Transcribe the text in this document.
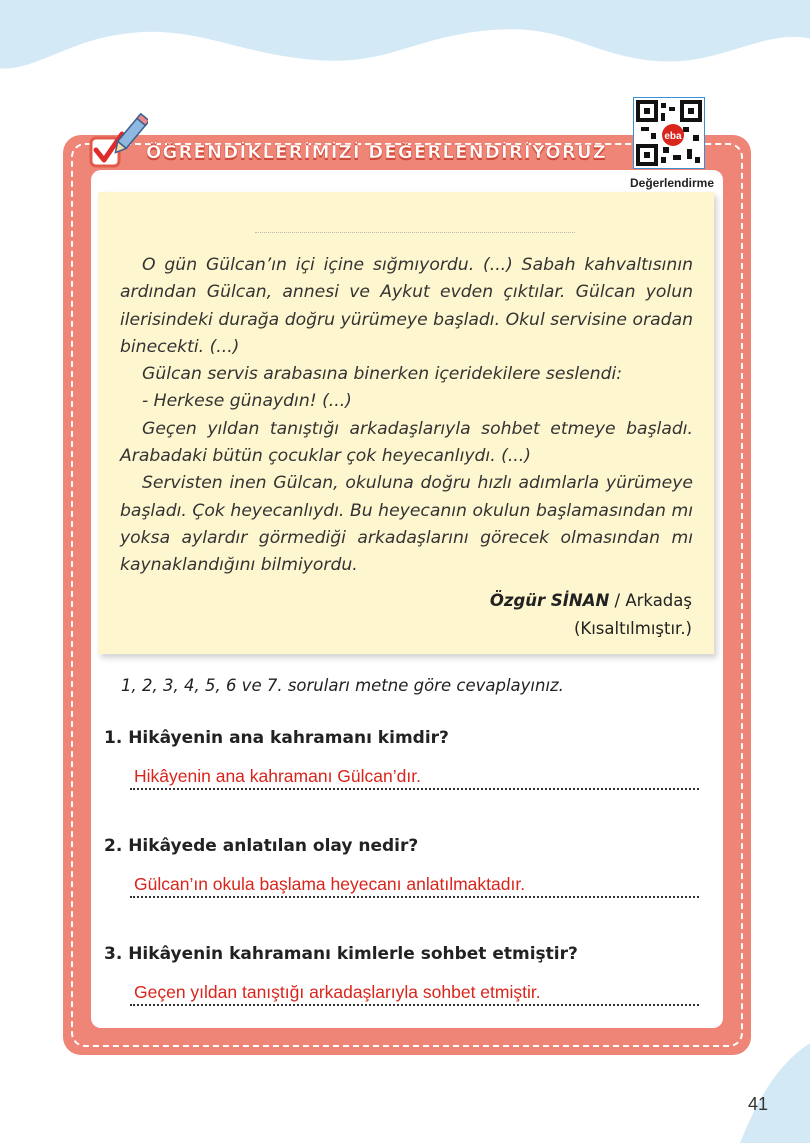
ÖĞRENDİKLERİMİZİ DEĞERLENDİRİYORUZ
eba
Değerlendirme

O gün Gülcan’ın içi içine sığmıyordu. (...) Sabah kahvaltısının ardından Gülcan, annesi ve Aykut evden çıktılar. Gülcan yolun ilerisindeki durağa doğru yürümeye başladı. Okul servisine oradan binecekti. (...)

Gülcan servis arabasına binerken içeridekilere seslendi:

- Herkese günaydın! (...)

Geçen yıldan tanıştığı arkadaşlarıyla sohbet etmeye başladı. Arabadaki bütün çocuklar çok heyecanlıydı. (...)

Servisten inen Gülcan, okuluna doğru hızlı adımlarla yürümeye başladı. Çok heyecanlıydı. Bu heyecanın okulun başlamasından mı yoksa aylardır görmediği arkadaşlarını görecek olmasından mı kaynaklandığını bilmiyordu.

Özgür SİNAN / Arkadaş
(Kısaltılmıştır.)
1, 2, 3, 4, 5, 6 ve 7. soruları metne göre cevaplayınız.
1. Hikâyenin ana kahramanı kimdir?
Hikâyenin ana kahramanı Gülcan’dır.
2. Hikâyede anlatılan olay nedir?
Gülcan’ın okula başlama heyecanı anlatılmaktadır.
3. Hikâyenin kahramanı kimlerle sohbet etmiştir?
Geçen yıldan tanıştığı arkadaşlarıyla sohbet etmiştir.
41
